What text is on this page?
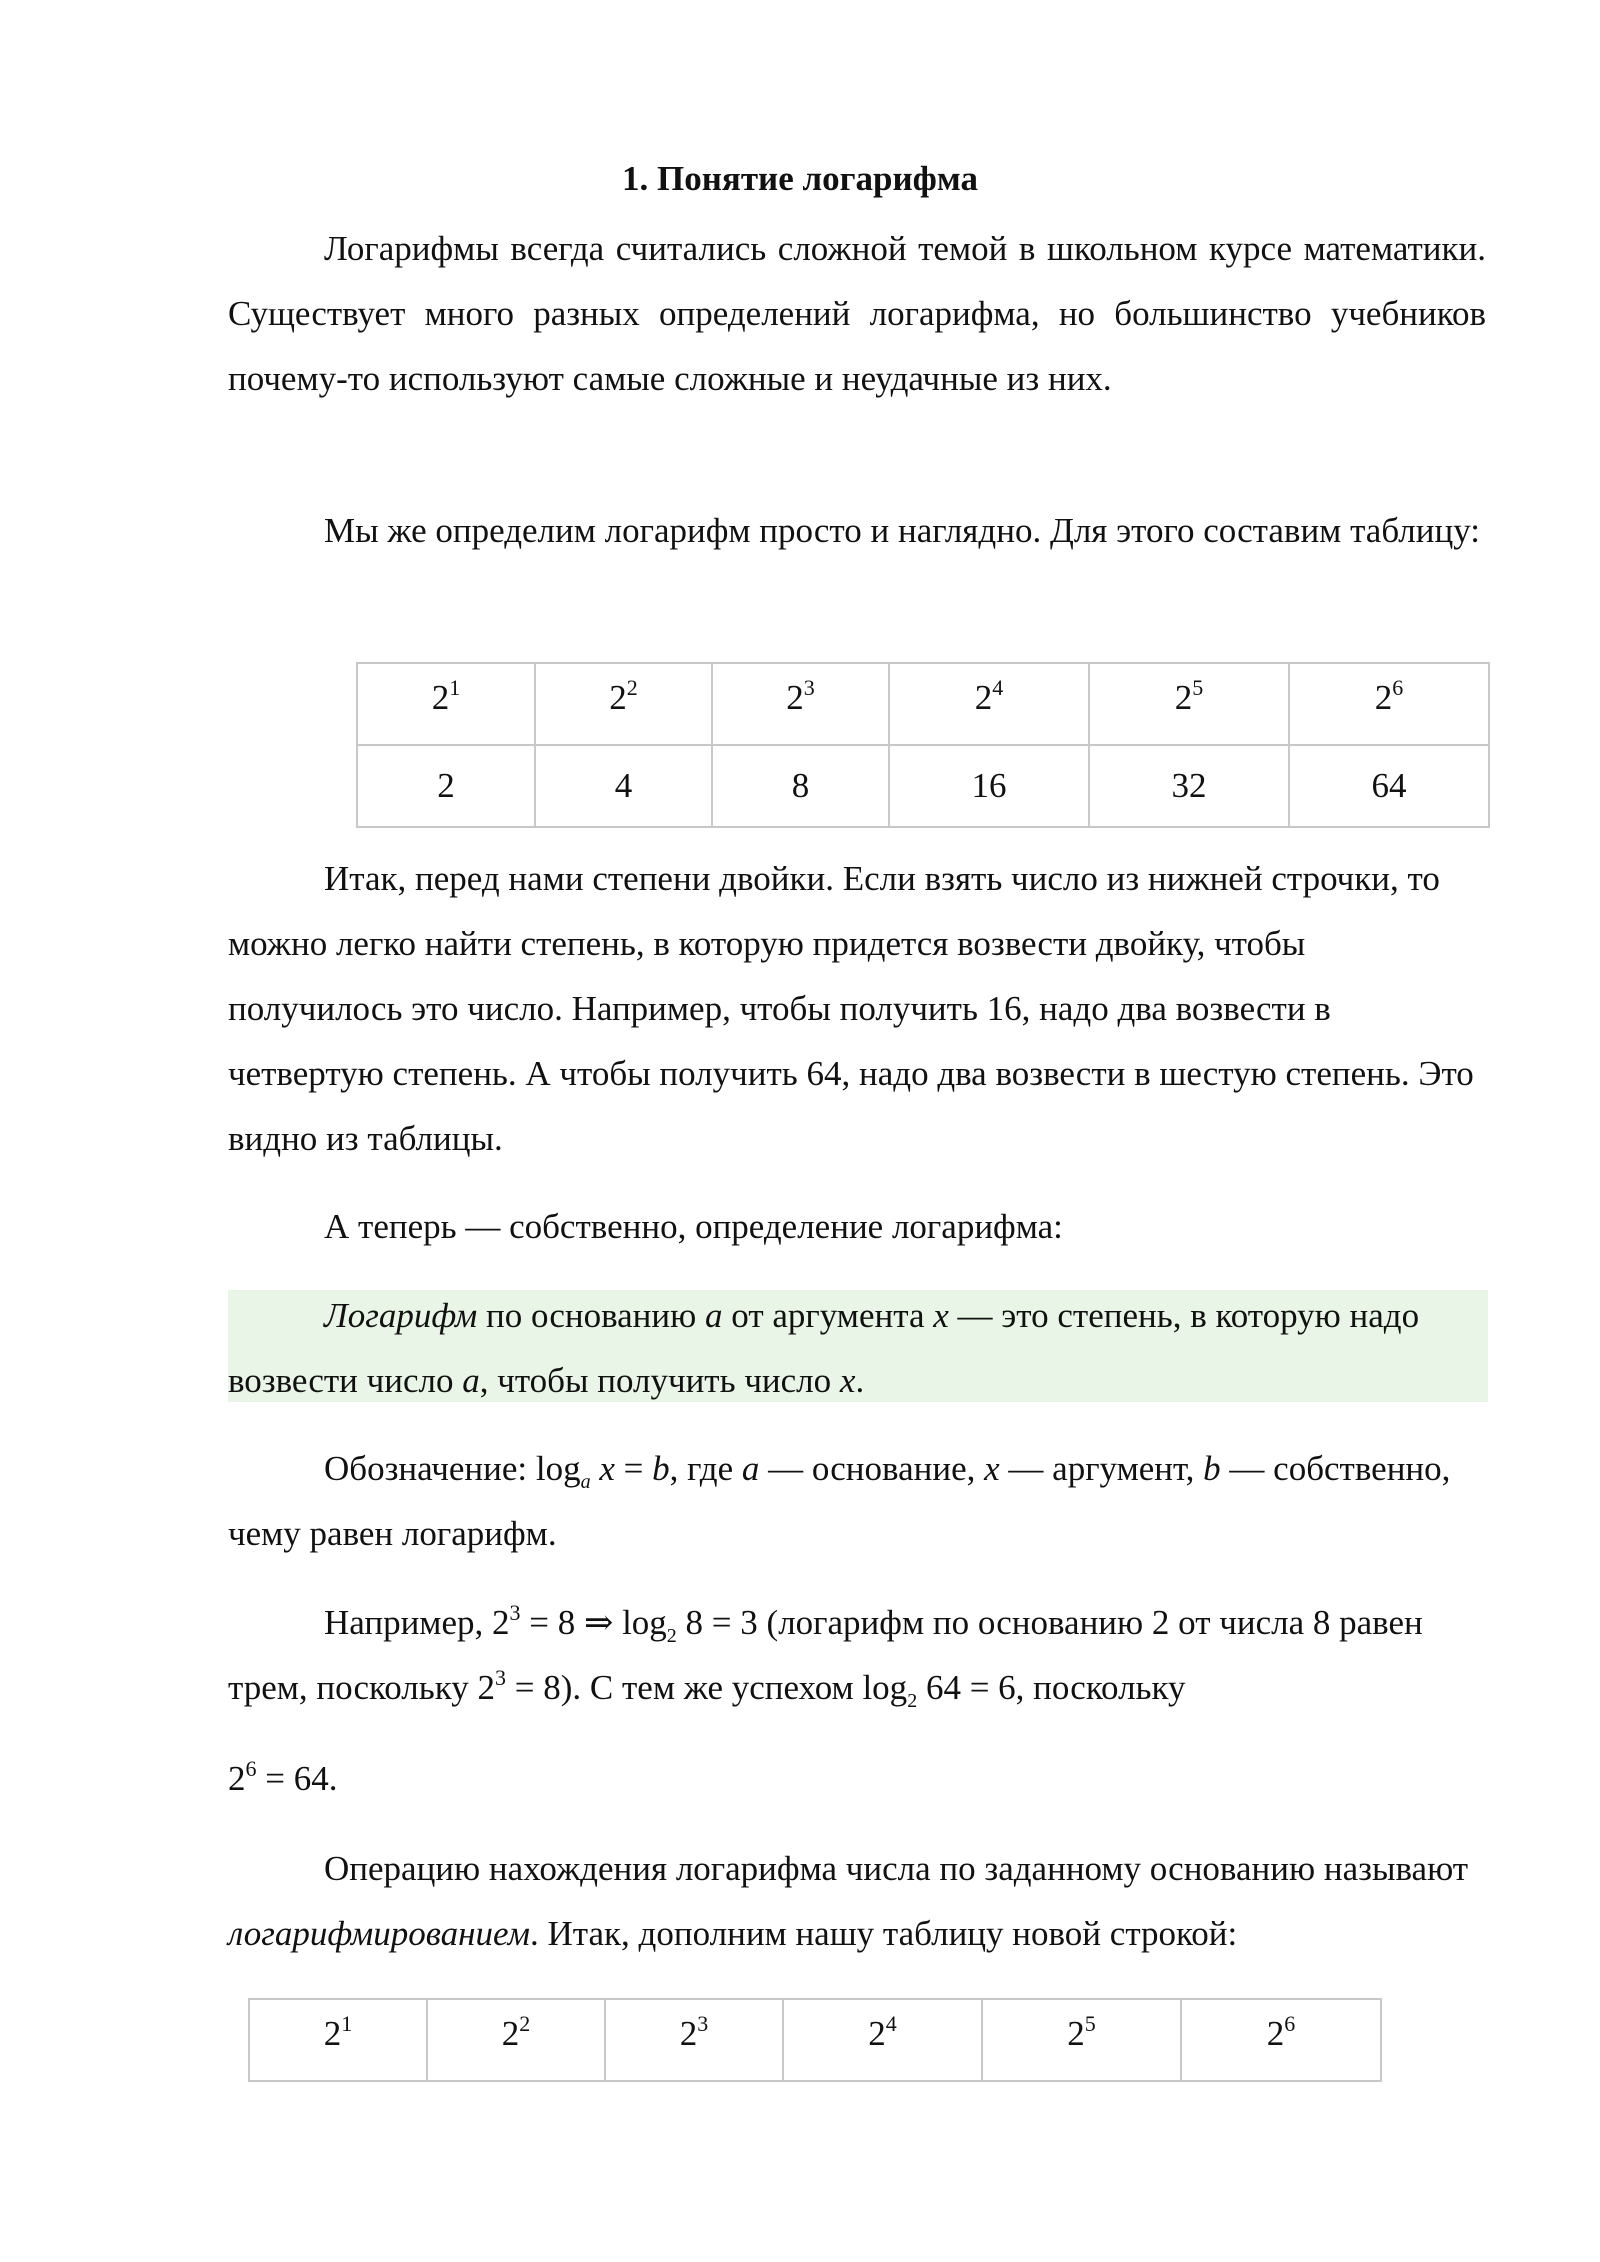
1. Понятие логарифма
Логарифмы всегда считались сложной темой в школьном курсе математики. Существует много разных определений логарифма, но большинство учебников почему-то используют самые сложные и неудачные из них.
Мы же определим логарифм просто и наглядно. Для этого составим таблицу:
$2^1$	$2^2$	$2^3$	$2^4$	$2^5$	$2^6$
2	4	8	16	32	64
Итак, перед нами степени двойки. Если взять число из нижней строчки, то можно легко найти степень, в которую придется возвести двойку, чтобы получилось это число. Например, чтобы получить 16, надо два возвести в четвертую степень. А чтобы получить 64, надо два возвести в шестую степень. Это видно из таблицы.
А теперь — собственно, определение логарифма:
Логарифм по основанию a от аргумента x — это степень, в которую надо возвести число a, чтобы получить число x.
Обозначение: $\log_a x = b$, где a — основание, x — аргумент, b — собственно, чему равен логарифм.
Например, $2^3 = 8$ ⇒ $\log_2 8 = 3$ (логарифм по основанию 2 от числа 8 равен трем, поскольку $2^3 = 8$). С тем же успехом $\log_2 64 = 6$, поскольку
$2^6 = 64$.
Операцию нахождения логарифма числа по заданному основанию называют логарифмированием. Итак, дополним нашу таблицу новой строкой:
$2^1$	$2^2$	$2^3$	$2^4$	$2^5$	$2^6$
